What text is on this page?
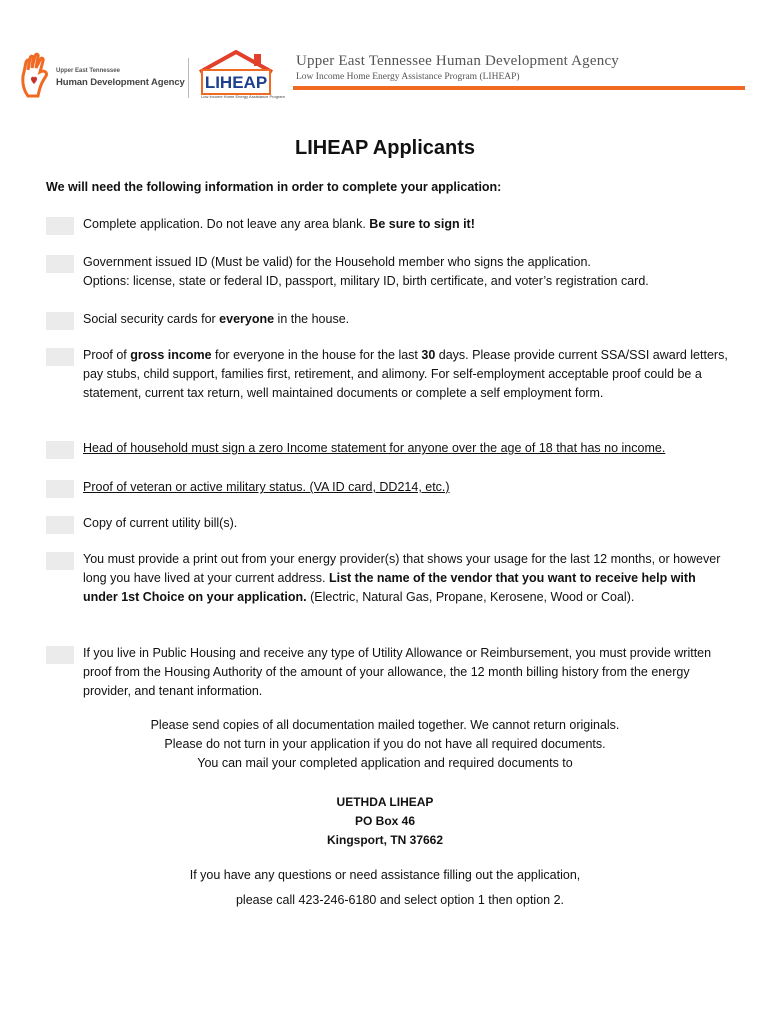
Upper East Tennessee
Human Development Agency LIHEAP
Low Income Home Energy Assistance Program
Upper East Tennessee Human Development Agency
Low Income Home Energy Assistance Program (LIHEAP)
LIHEAP Applicants
We will need the following information in order to complete your application:
Complete application. Do not leave any area blank. Be sure to sign it!
Government issued ID (Must be valid) for the Household member who signs the application.
Options: license, state or federal ID, passport, military ID, birth certificate, and voter’s registration card.
Social security cards for everyone in the house.
Proof of gross income for everyone in the house for the last 30 days. Please provide current SSA/SSI award letters, pay stubs, child support, families first, retirement, and alimony. For self-employment acceptable proof could be a statement, current tax return, well maintained documents or complete a self employment form.
Head of household must sign a zero Income statement for anyone over the age of 18 that has no income.
Proof of veteran or active military status. (VA ID card, DD214, etc.)
Copy of current utility bill(s).
You must provide a print out from your energy provider(s) that shows your usage for the last 12 months, or however long you have lived at your current address. List the name of the vendor that you want to receive help with under 1st Choice on your application. (Electric, Natural Gas, Propane, Kerosene, Wood or Coal).
If you live in Public Housing and receive any type of Utility Allowance or Reimbursement, you must provide written proof from the Housing Authority of the amount of your allowance, the 12 month billing history from the energy provider, and tenant information.
Please send copies of all documentation mailed together. We cannot return originals.
Please do not turn in your application if you do not have all required documents.
You can mail your completed application and required documents to
UETHDA LIHEAP
PO Box 46
Kingsport, TN 37662
If you have any questions or need assistance filling out the application,
please call 423-246-6180 and select option 1 then option 2.
